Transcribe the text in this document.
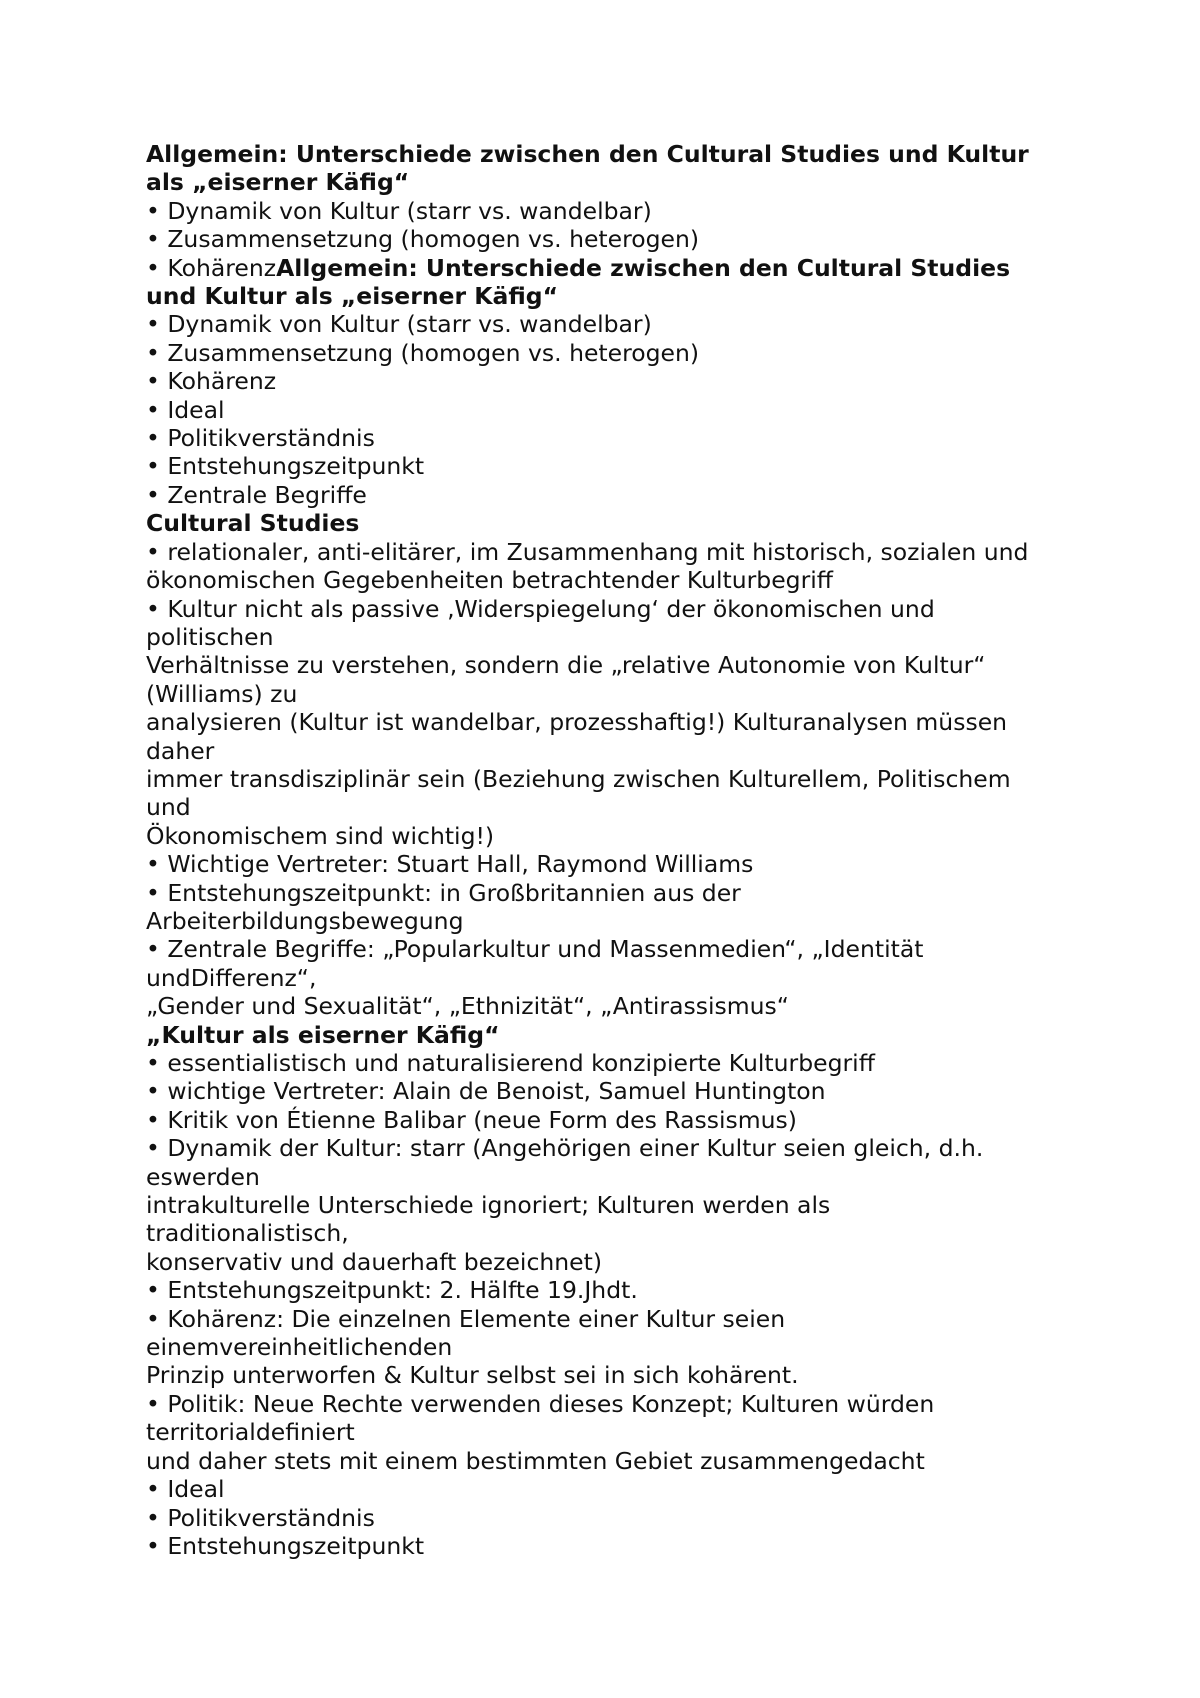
Allgemein: Unterschiede zwischen den Cultural Studies und Kultur
als „eiserner Käfig“
• Dynamik von Kultur (starr vs. wandelbar)
• Zusammensetzung (homogen vs. heterogen)
• KohärenzAllgemein: Unterschiede zwischen den Cultural Studies
und Kultur als „eiserner Käfig“
• Dynamik von Kultur (starr vs. wandelbar)
• Zusammensetzung (homogen vs. heterogen)
• Kohärenz
• Ideal
• Politikverständnis
• Entstehungszeitpunkt
• Zentrale Begriffe
Cultural Studies
• relationaler, anti-elitärer, im Zusammenhang mit historisch, sozialen und
ökonomischen Gegebenheiten betrachtender Kulturbegriff
• Kultur nicht als passive ‚Widerspiegelung‘ der ökonomischen und
politischen
Verhältnisse zu verstehen, sondern die „relative Autonomie von Kultur“
(Williams) zu
analysieren (Kultur ist wandelbar, prozesshaftig!) Kulturanalysen müssen
daher
immer transdisziplinär sein (Beziehung zwischen Kulturellem, Politischem
und
Ökonomischem sind wichtig!)
• Wichtige Vertreter: Stuart Hall, Raymond Williams
• Entstehungszeitpunkt: in Großbritannien aus der
Arbeiterbildungsbewegung
• Zentrale Begriffe: „Popularkultur und Massenmedien“, „Identität
undDifferenz“,
„Gender und Sexualität“, „Ethnizität“, „Antirassismus“
„Kultur als eiserner Käfig“
• essentialistisch und naturalisierend konzipierte Kulturbegriff
• wichtige Vertreter: Alain de Benoist, Samuel Huntington
• Kritik von Étienne Balibar (neue Form des Rassismus)
• Dynamik der Kultur: starr (Angehörigen einer Kultur seien gleich, d.h.
eswerden
intrakulturelle Unterschiede ignoriert; Kulturen werden als
traditionalistisch,
konservativ und dauerhaft bezeichnet)
• Entstehungszeitpunkt: 2. Hälfte 19.Jhdt.
• Kohärenz: Die einzelnen Elemente einer Kultur seien
einemvereinheitlichenden
Prinzip unterworfen & Kultur selbst sei in sich kohärent.
• Politik: Neue Rechte verwenden dieses Konzept; Kulturen würden
territorialdefiniert
und daher stets mit einem bestimmten Gebiet zusammengedacht
• Ideal
• Politikverständnis
• Entstehungszeitpunkt
